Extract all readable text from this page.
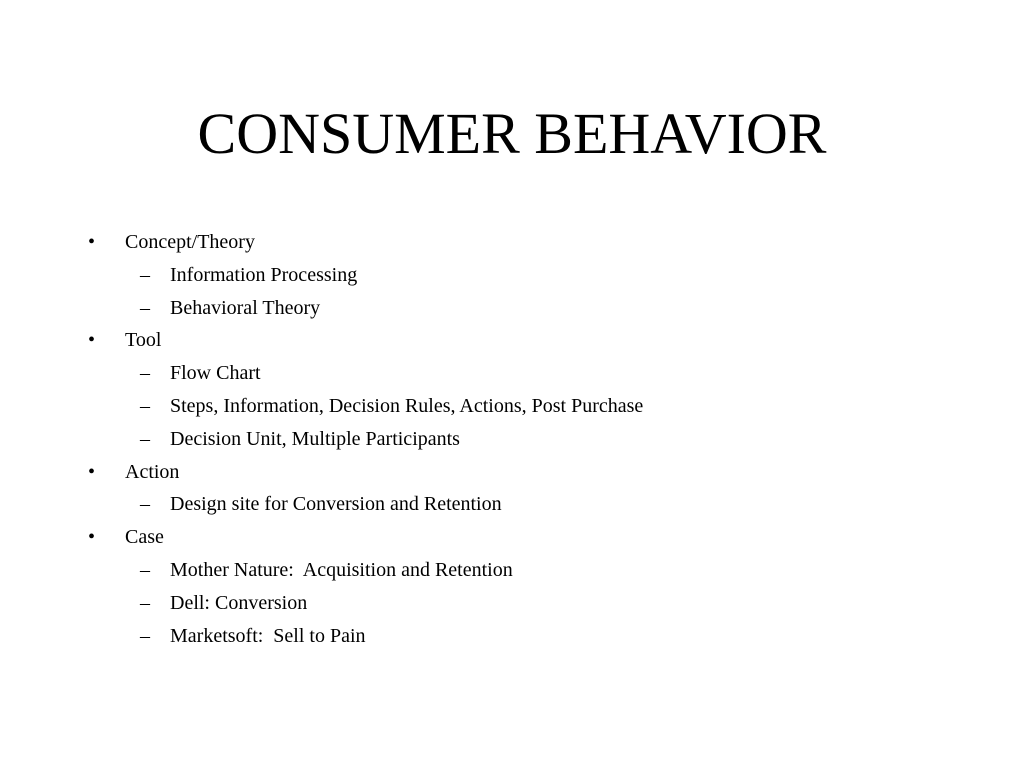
CONSUMER BEHAVIOR

•

Concept/Theory

–

Information Processing

–

Behavioral Theory

•

Tool

–

Flow Chart

–

Steps, Information, Decision Rules, Actions, Post Purchase

–

Decision Unit, Multiple Participants

•

Action

–

Design site for Conversion and Retention

•

Case

–

Mother Nature:  Acquisition and Retention

–

Dell: Conversion

–

Marketsoft:  Sell to Pain
